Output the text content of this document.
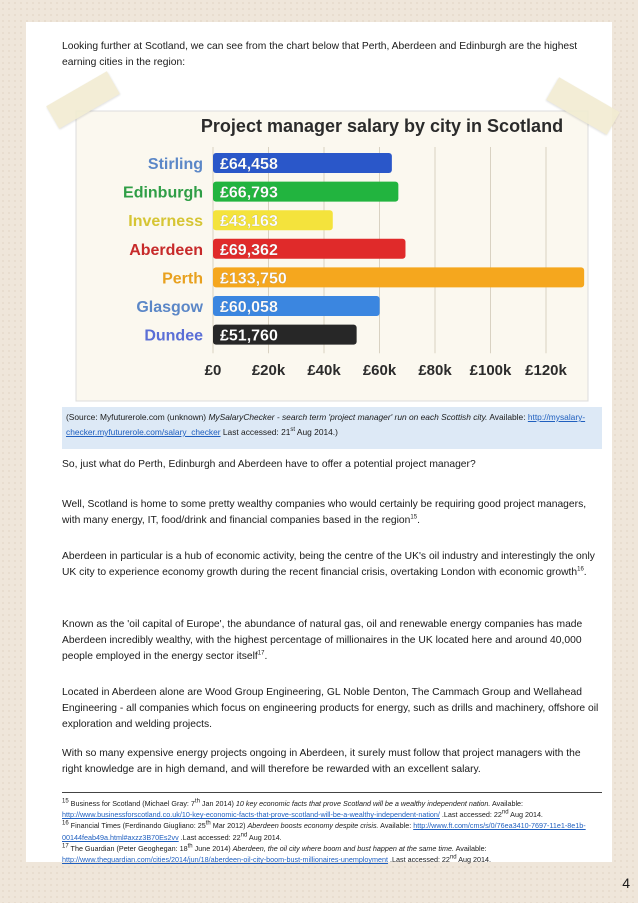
Looking further at Scotland, we can see from the chart below that Perth, Aberdeen and Edinburgh are the highest earning cities in the region:

Project manager salary by city in Scotland
Stirling £64,458
Edinburgh £66,793
Inverness £43,163
Aberdeen £69,362
Perth £133,750
Glasgow £60,058
Dundee £51,760
£0 £20k £40k £60k £80k £100k £120k
(Source: Myfuturerole.com (unknown) MySalaryChecker - search term 'project manager' run on each Scottish city. Available: http://mysalary-checker.myfuturerole.com/salary_checker Last accessed: 21st Aug 2014.)

So, just what do Perth, Edinburgh and Aberdeen have to offer a potential project manager?

Well, Scotland is home to some pretty wealthy companies who would certainly be requiring good project managers, with many energy, IT, food/drink and financial companies based in the region$^{15}$.

Aberdeen in particular is a hub of economic activity, being the centre of the UK's oil industry and interestingly the only UK city to experience economy growth during the recent financial crisis, overtaking London with economic growth$^{16}$.

Known as the 'oil capital of Europe', the abundance of natural gas, oil and renewable energy companies has made Aberdeen incredibly wealthy, with the highest percentage of millionaires in the UK located here and around 40,000 people employed in the energy sector itself$^{17}$.

Located in Aberdeen alone are Wood Group Engineering, GL Noble Denton, The Cammach Group and Wellahead Engineering - all companies which focus on engineering products for energy, such as drills and machinery, offshore oil exploration and welding projects.

With so many expensive energy projects ongoing in Aberdeen, it surely must follow that project managers with the right knowledge are in high demand, and will therefore be rewarded with an excellent salary.

$^{15}$ Business for Scotland (Michael Gray: 7th Jan 2014) 10 key economic facts that prove Scotland will be a wealthy independent nation. Available: http://www.businessforscotland.co.uk/10-key-economic-facts-that-prove-scotland-will-be-a-wealthy-independent-nation/ .Last accessed: 22nd Aug 2014.
$^{16}$ Financial Times (Ferdinando Giugliano: 25th Mar 2012) Aberdeen boosts economy despite crisis. Available: http://www.ft.com/cms/s/0/76ea3410-7697-11e1-8e1b-00144feab49a.html#axzz3B70Es2vv .Last accessed: 22nd Aug 2014.
$^{17}$ The Guardian (Peter Geoghegan: 18th June 2014) Aberdeen, the oil city where boom and bust happen at the same time. Available: http://www.theguardian.com/cities/2014/jun/18/aberdeen-oil-city-boom-bust-millionaires-unemployment .Last accessed: 22nd Aug 2014.
4
